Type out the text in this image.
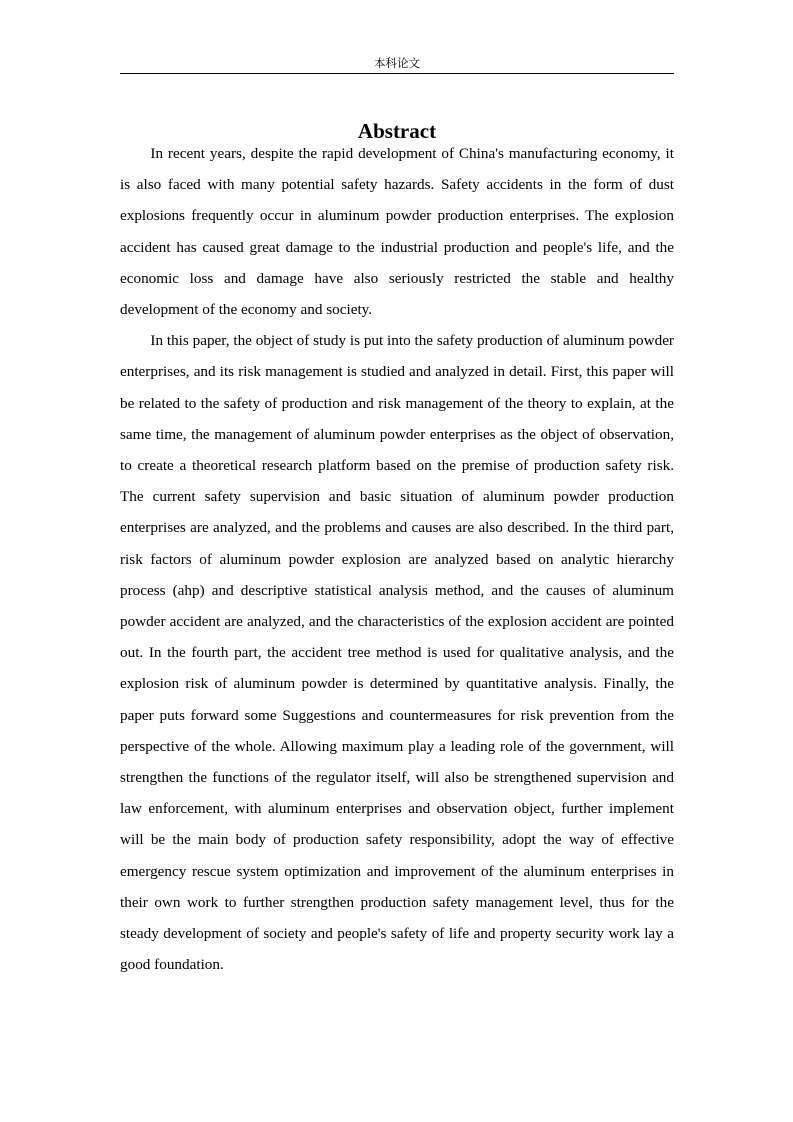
本科论文
Abstract

In recent years, despite the rapid development of China's manufacturing economy, it is also faced with many potential safety hazards. Safety accidents in the form of dust explosions frequently occur in aluminum powder production enterprises. The explosion accident has caused great damage to the industrial production and people's life, and the economic loss and damage have also seriously restricted the stable and healthy development of the economy and society.

In this paper, the object of study is put into the safety production of aluminum powder enterprises, and its risk management is studied and analyzed in detail. First, this paper will be related to the safety of production and risk management of the theory to explain, at the same time, the management of aluminum powder enterprises as the object of observation, to create a theoretical research platform based on the premise of production safety risk. The current safety supervision and basic situation of aluminum powder production enterprises are analyzed, and the problems and causes are also described. In the third part, risk factors of aluminum powder explosion are analyzed based on analytic hierarchy process (ahp) and descriptive statistical analysis method, and the causes of aluminum powder accident are analyzed, and the characteristics of the explosion accident are pointed out. In the fourth part, the accident tree method is used for qualitative analysis, and the explosion risk of aluminum powder is determined by quantitative analysis. Finally, the paper puts forward some Suggestions and countermeasures for risk prevention from the perspective of the whole. Allowing maximum play a leading role of the government, will strengthen the functions of the regulator itself, will also be strengthened supervision and law enforcement, with aluminum enterprises and observation object, further implement will be the main body of production safety responsibility, adopt the way of effective emergency rescue system optimization and improvement of the aluminum enterprises in their own work to further strengthen production safety management level, thus for the steady development of society and people's safety of life and property security work lay a good foundation.
